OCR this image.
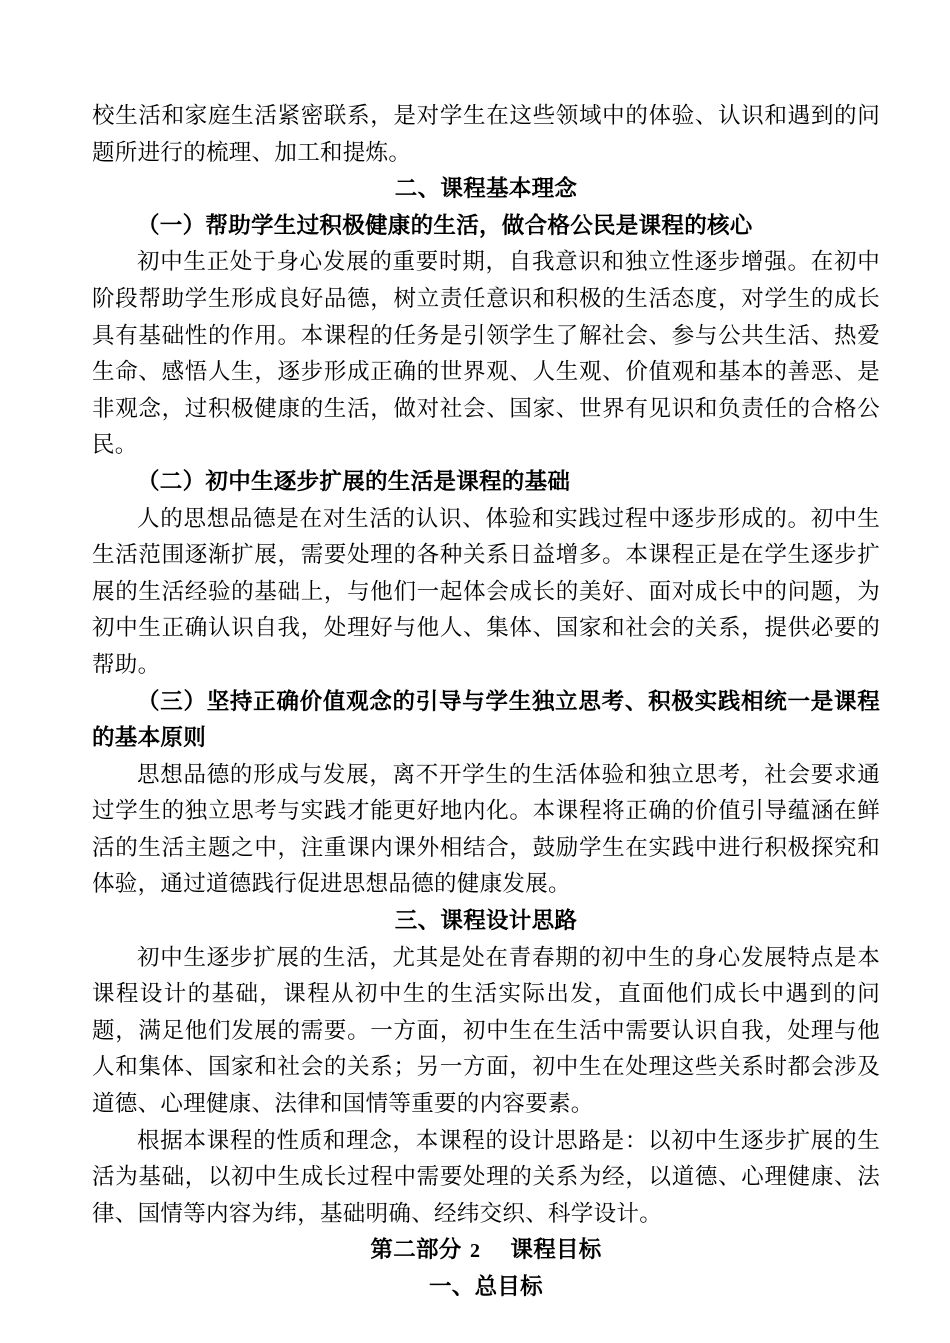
校生活和家庭生活紧密联系，是对学生在这些领域中的体验、认识和遇到的问题所进行的梳理、加工和提炼。

二、课程基本理念

（一）帮助学生过积极健康的生活，做合格公民是课程的核心

初中生正处于身心发展的重要时期，自我意识和独立性逐步增强。在初中阶段帮助学生形成良好品德，树立责任意识和积极的生活态度，对学生的成长具有基础性的作用。本课程的任务是引领学生了解社会、参与公共生活、热爱生命、感悟人生，逐步形成正确的世界观、人生观、价值观和基本的善恶、是非观念，过积极健康的生活，做对社会、国家、世界有见识和负责任的合格公民。

（二）初中生逐步扩展的生活是课程的基础

人的思想品德是在对生活的认识、体验和实践过程中逐步形成的。初中生生活范围逐渐扩展，需要处理的各种关系日益增多。本课程正是在学生逐步扩展的生活经验的基础上，与他们一起体会成长的美好、面对成长中的问题，为初中生正确认识自我，处理好与他人、集体、国家和社会的关系，提供必要的帮助。

（三）坚持正确价值观念的引导与学生独立思考、积极实践相统一是课程的基本原则

思想品德的形成与发展，离不开学生的生活体验和独立思考，社会要求通过学生的独立思考与实践才能更好地内化。本课程将正确的价值引导蕴涵在鲜活的生活主题之中，注重课内课外相结合，鼓励学生在实践中进行积极探究和体验，通过道德践行促进思想品德的健康发展。

三、课程设计思路

初中生逐步扩展的生活，尤其是处在青春期的初中生的身心发展特点是本课程设计的基础，课程从初中生的生活实际出发，直面他们成长中遇到的问题，满足他们发展的需要。一方面，初中生在生活中需要认识自我，处理与他人和集体、国家和社会的关系；另一方面，初中生在处理这些关系时都会涉及道德、心理健康、法律和国情等重要的内容要素。

根据本课程的性质和理念，本课程的设计思路是：以初中生逐步扩展的生活为基础，以初中生成长过程中需要处理的关系为经，以道德、心理健康、法律、国情等内容为纬，基础明确、经纬交织、科学设计。

第二部分 课程目标

一、总目标

2
